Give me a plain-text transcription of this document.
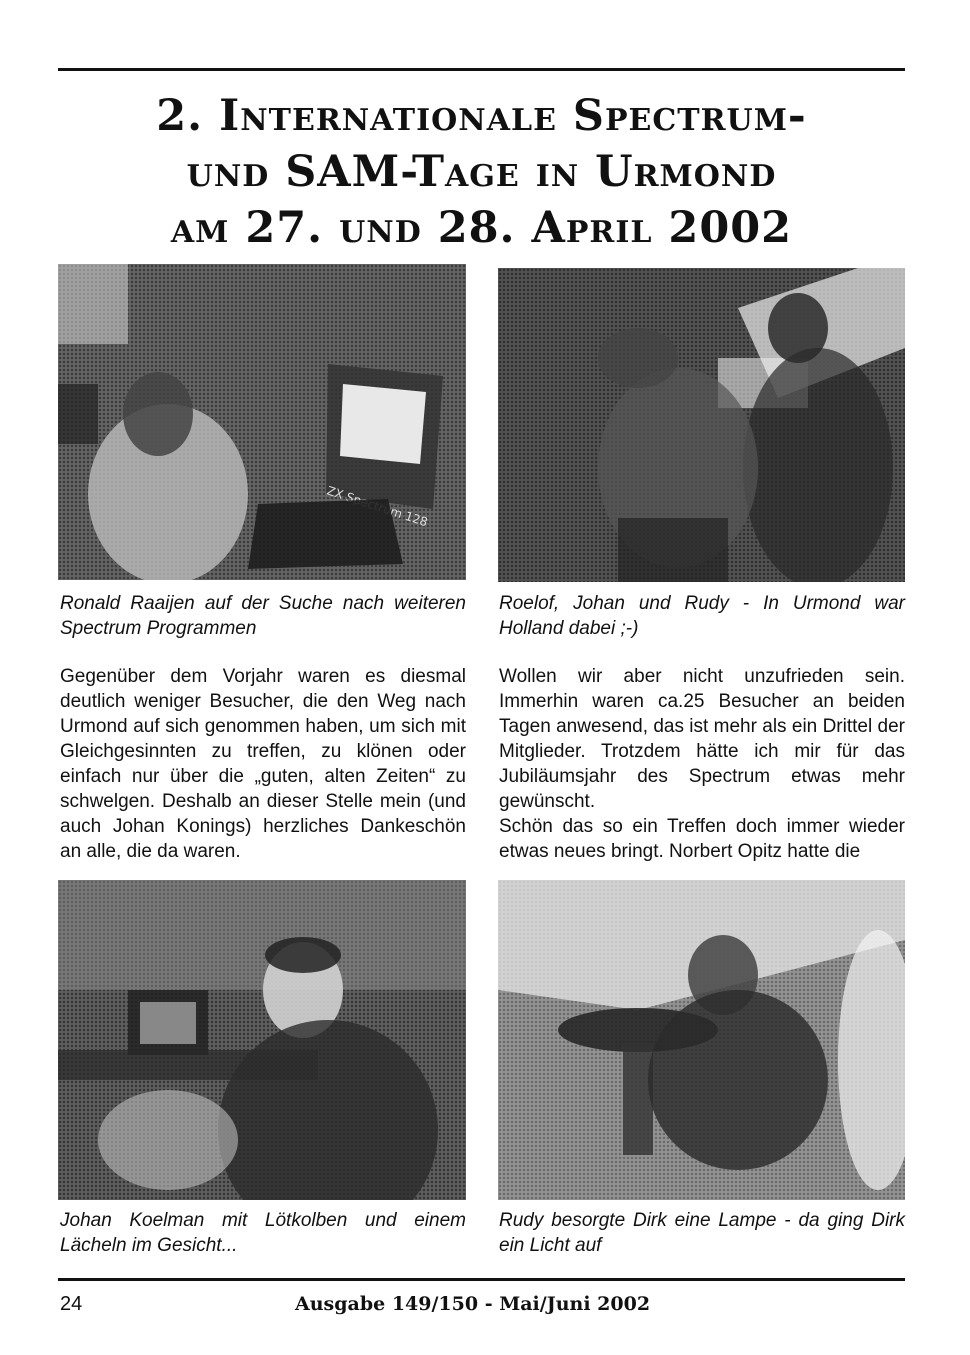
2. Internationale Spectrum-
und SAM-Tage in Urmond
am 27. und 28. April 2002
ZX 128

Ronald Raaijen auf der Suche nach weiteren Spectrum Programmen

Roelof, Johan und Rudy - In Urmond war Holland dabei ;-)

Gegenüber dem Vorjahr waren es diesmal deutlich weniger Besucher, die den Weg nach Urmond auf sich genommen haben, um sich mit Gleichgesinnten zu treffen, zu klönen oder einfach nur über die „guten, alten Zeiten“ zu schwelgen. Deshalb an dieser Stelle mein (und auch Johan Konings) herzliches Dankeschön an alle, die da waren.

Wollen wir aber nicht unzufrieden sein. Immerhin waren ca.25 Besucher an beiden Tagen anwesend, das ist mehr als ein Drittel der Mitglieder. Trotzdem hätte ich mir für das Jubiläumsjahr des Spectrum etwas mehr gewünscht.

Schön das so ein Treffen doch immer wieder etwas neues bringt. Norbert Opitz hatte die

Johan Koelman mit Lötkolben und einem Lächeln im Gesicht...

Rudy besorgte Dirk eine Lampe - da ging Dirk ein Licht auf

24	Ausgabe 149/150 - Mai/Juni 2002
